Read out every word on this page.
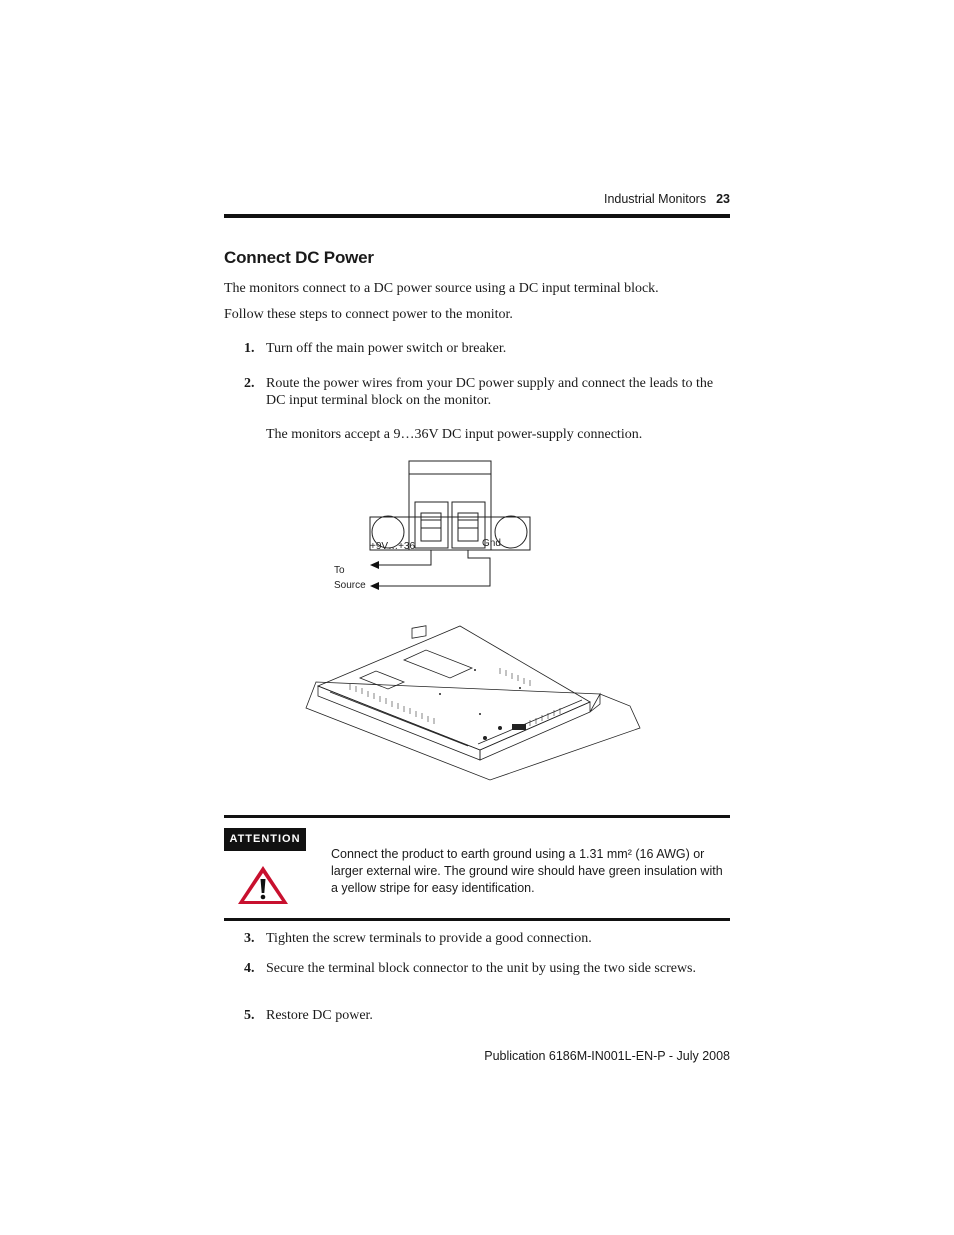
Industrial Monitors 23
Connect DC Power
The monitors connect to a DC power source using a DC input terminal block.
Follow these steps to connect power to the monitor.
1. Turn off the main power switch or breaker.
2. Route the power wires from your DC power supply and connect the leads to the DC input terminal block on the monitor.
The monitors accept a 9…36V DC input power-supply connection.
+9V…+36	Gnd
To
Source
ATTENTION
Connect the product to earth ground using a 1.31 mm² (16 AWG) or larger external wire. The ground wire should have green insulation with a yellow stripe for easy identification.
3. Tighten the screw terminals to provide a good connection.
4. Secure the terminal block connector to the unit by using the two side screws.
5. Restore DC power.
Publication 6186M-IN001L-EN-P - July 2008
